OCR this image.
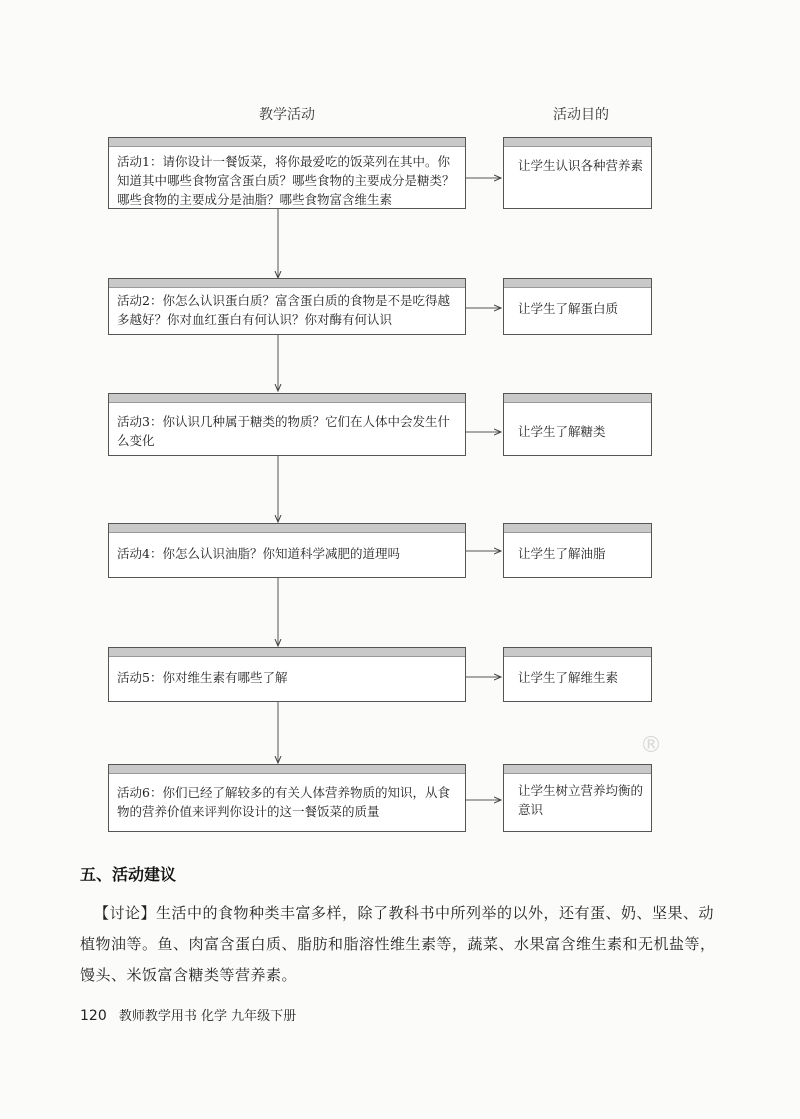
教学活动	活动目的
活动1：请你设计一餐饭菜，将你最爱吃的饭菜列在其中。你知道其中哪些食物富含蛋白质？哪些食物的主要成分是糖类？哪些食物的主要成分是油脂？哪些食物富含维生素
活动2：你怎么认识蛋白质？富含蛋白质的食物是不是吃得越多越好？你对血红蛋白有何认识？你对酶有何认识
活动3：你认识几种属于糖类的物质？它们在人体中会发生什么变化
活动4：你怎么认识油脂？你知道科学减肥的道理吗
活动5：你对维生素有哪些了解
活动6：你们已经了解较多的有关人体营养物质的知识，从食物的营养价值来评判你设计的这一餐饭菜的质量
让学生认识各种营养素
让学生了解蛋白质
让学生了解糖类
让学生了解油脂
让学生了解维生素
让学生树立营养均衡的意识
®
五、活动建议
【讨论】生活中的食物种类丰富多样，除了教科书中所列举的以外，还有蛋、奶、坚果、动植物油等。鱼、肉富含蛋白质、脂肪和脂溶性维生素等，蔬菜、水果富含维生素和无机盐等，馒头、米饭富含糖类等营养素。
120 教师教学用书 化学 九年级下册
